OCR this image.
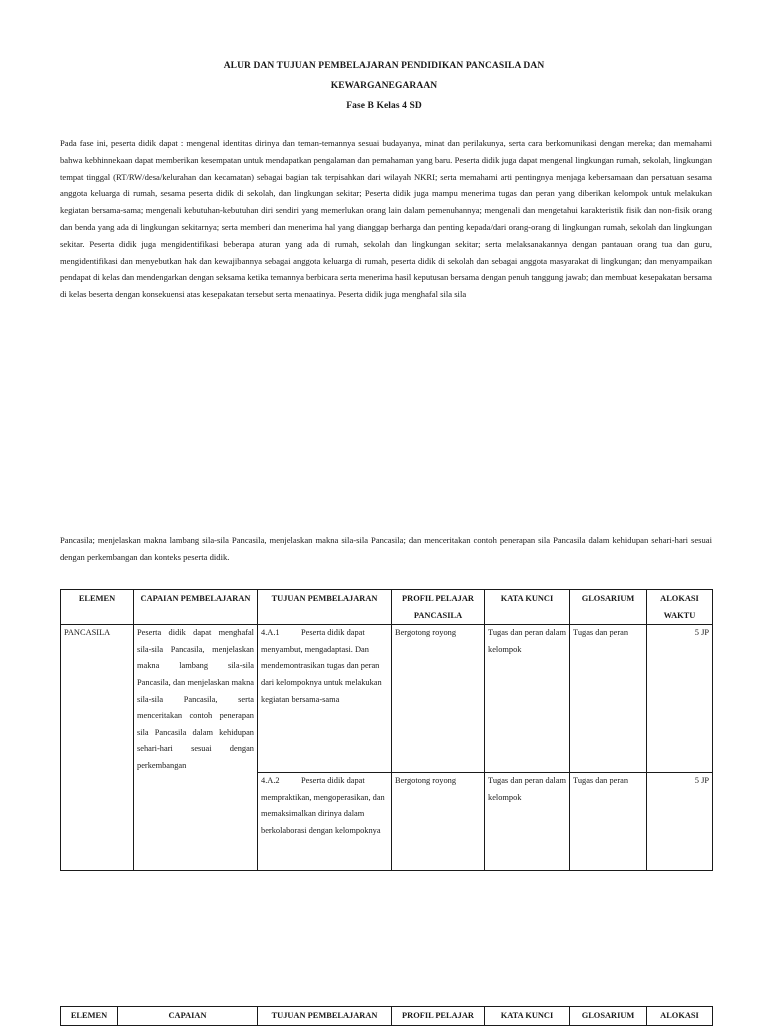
ALUR DAN TUJUAN PEMBELAJARAN PENDIDIKAN PANCASILA DAN
KEWARGANEGARAAN
Fase B Kelas 4 SD

Pada fase ini, peserta didik dapat : mengenal identitas dirinya dan teman-temannya sesuai budayanya, minat dan perilakunya, serta cara berkomunikasi dengan mereka; dan memahami bahwa kebhinnekaan dapat memberikan kesempatan untuk mendapatkan pengalaman dan pemahaman yang baru. Peserta didik juga dapat mengenal lingkungan rumah, sekolah, lingkungan tempat tinggal (RT/RW/desa/kelurahan dan kecamatan) sebagai bagian tak terpisahkan dari wilayah NKRI; serta memahami arti pentingnya menjaga kebersamaan dan persatuan sesama anggota keluarga di rumah, sesama peserta didik di sekolah, dan lingkungan sekitar; Peserta didik juga mampu menerima tugas dan peran yang diberikan kelompok untuk melakukan kegiatan bersama-sama; mengenali kebutuhan-kebutuhan diri sendiri yang memerlukan orang lain dalam pemenuhannya; mengenali dan mengetahui karakteristik fisik dan non-fisik orang dan benda yang ada di lingkungan sekitarnya; serta memberi dan menerima hal yang dianggap berharga dan penting kepada/dari orang-orang di lingkungan rumah, sekolah dan lingkungan sekitar. Peserta didik juga mengidentifikasi beberapa aturan yang ada di rumah, sekolah dan lingkungan sekitar; serta melaksanakannya dengan pantauan orang tua dan guru, mengidentifikasi dan menyebutkan hak dan kewajibannya sebagai anggota keluarga di rumah, peserta didik di sekolah dan sebagai anggota masyarakat di lingkungan; dan menyampaikan pendapat di kelas dan mendengarkan dengan seksama ketika temannya berbicara serta menerima hasil keputusan bersama dengan penuh tanggung jawab; dan membuat kesepakatan bersama di kelas beserta dengan konsekuensi atas kesepakatan tersebut serta menaatinya. Peserta didik juga menghafal sila sila

Pancasila; menjelaskan makna lambang sila-sila Pancasila, menjelaskan makna sila-sila Pancasila; dan menceritakan contoh penerapan sila Pancasila dalam kehidupan sehari-hari sesuai dengan perkembangan dan konteks peserta didik.

ELEMEN	CAPAIAN PEMBELAJARAN	TUJUAN PEMBELAJARAN	PROFIL PELAJAR PANCASILA	KATA KUNCI	GLOSARIUM	ALOKASI WAKTU
PANCASILA	Peserta didik dapat menghafal sila-sila Pancasila, menjelaskan makna lambang sila-sila Pancasila, dan menjelaskan makna sila-sila Pancasila, serta menceritakan contoh penerapan sila Pancasila dalam kehidupan sehari-hari sesuai dengan perkembangan	4.A.1 Peserta didik dapat menyambut, mengadaptasi. Dan mendemontrasikan tugas dan peran dari kelompoknya untuk melakukan kegiatan bersama-sama	Bergotong royong	Tugas dan peran dalam kelompok	Tugas dan peran	5 JP
		4.A.2 Peserta didik dapat mempraktikan, mengoperasikan, dan memaksimalkan dirinya dalam berkolaborasi dengan kelompoknya	Bergotong royong	Tugas dan peran dalam kelompok	Tugas dan peran	5 JP
ELEMEN	CAPAIAN	TUJUAN PEMBELAJARAN	PROFIL PELAJAR	KATA KUNCI	GLOSARIUM	ALOKASI
